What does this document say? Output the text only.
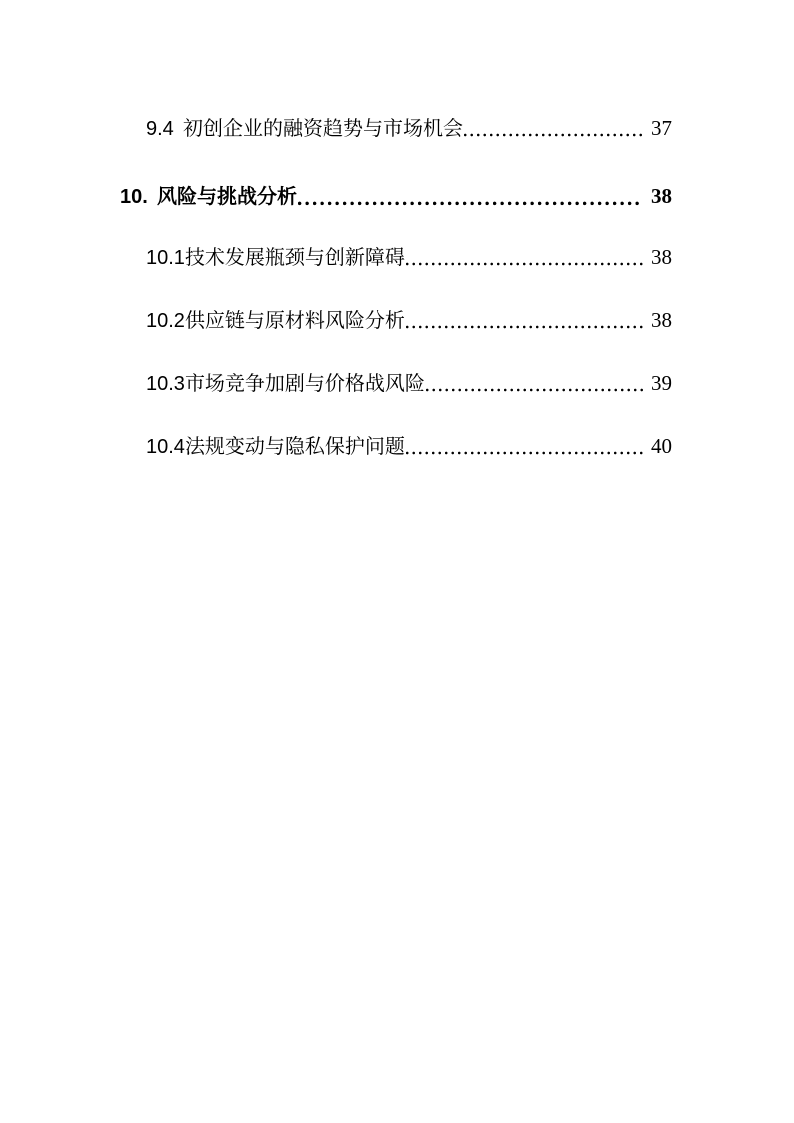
9.4 初创企业的融资趋势与市场机会	37
10. 风险与挑战分析	38
10.1 技术发展瓶颈与创新障碍	38
10.2 供应链与原材料风险分析	38
10.3 市场竞争加剧与价格战风险	39
10.4 法规变动与隐私保护问题	40
